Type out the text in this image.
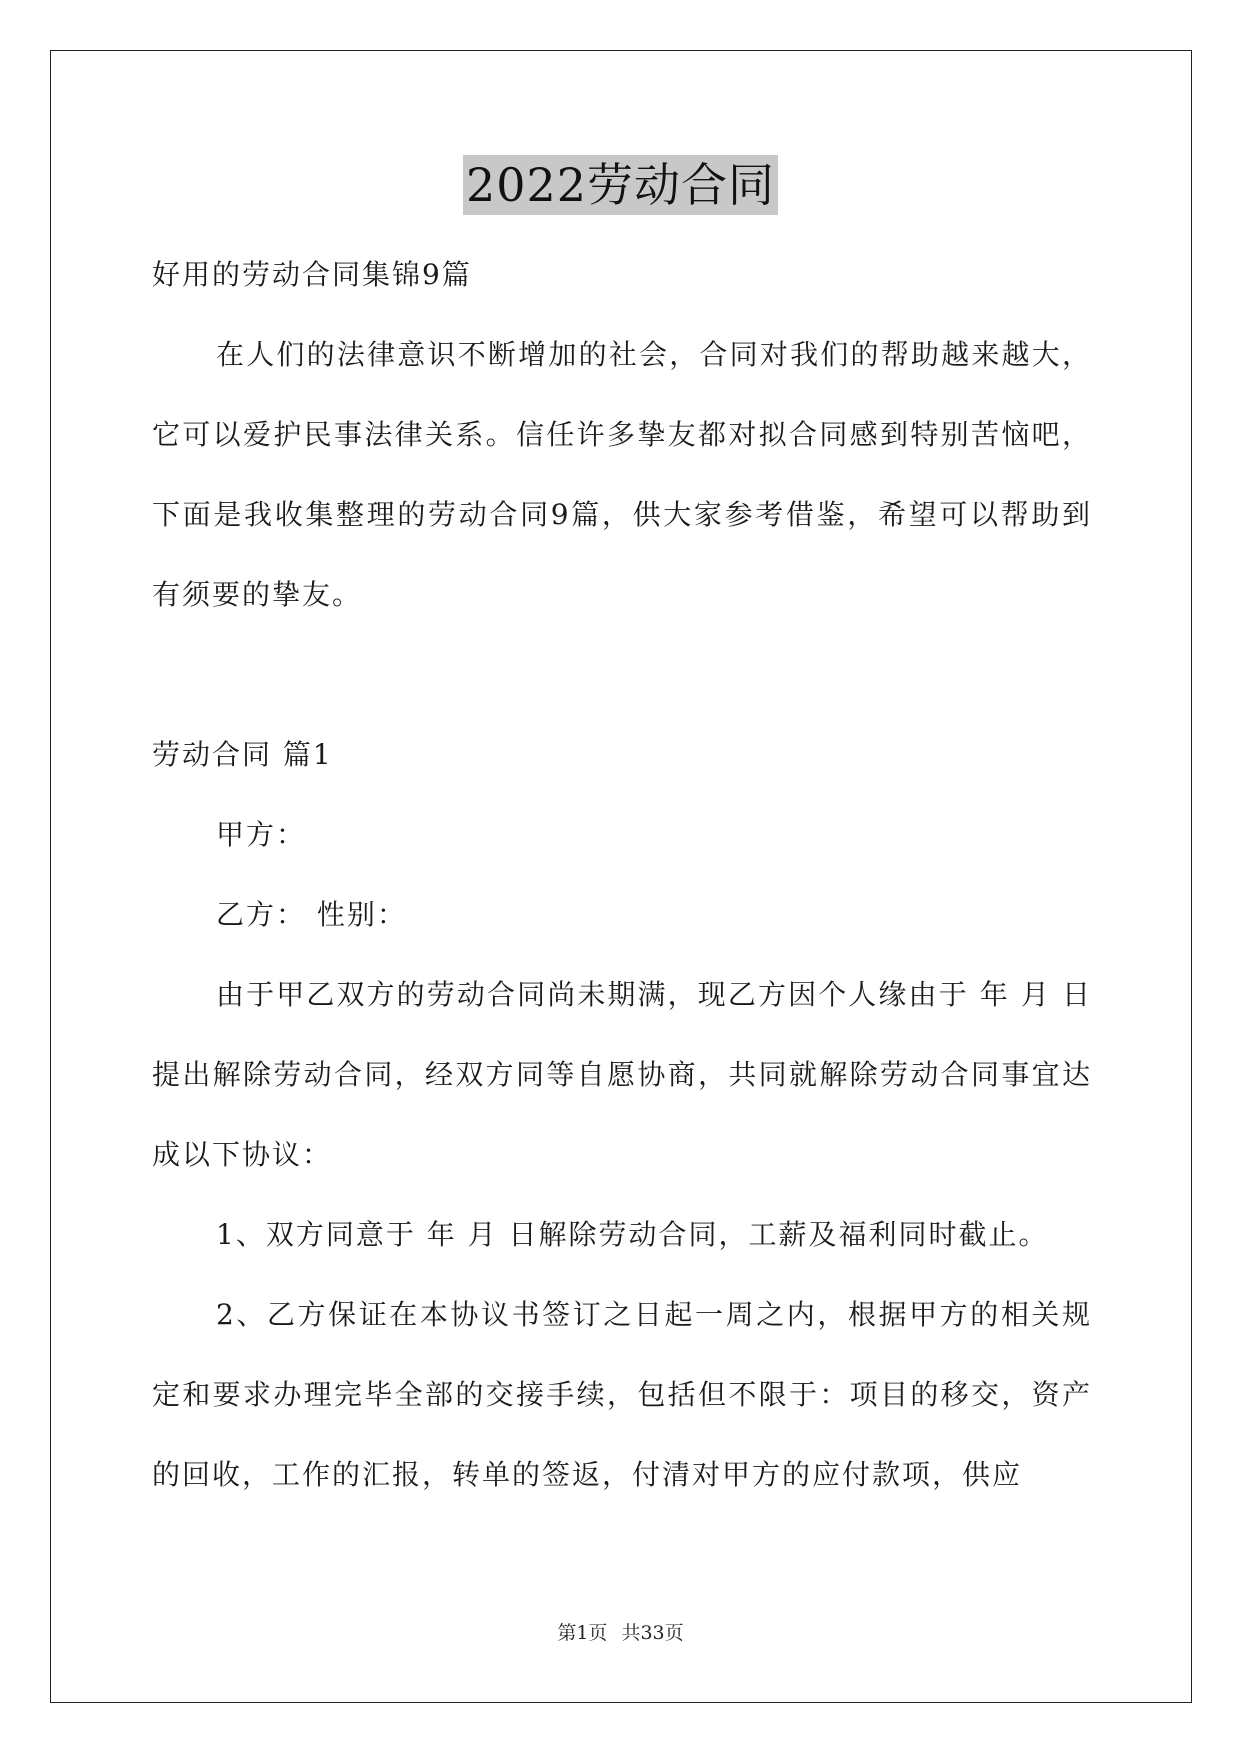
2022劳动合同

好用的劳动合同集锦9篇

在人们的法律意识不断增加的社会，合同对我们的帮助越来越大，它可以爱护民事法律关系。信任许多挚友都对拟合同感到特别苦恼吧，下面是我收集整理的劳动合同9篇，供大家参考借鉴，希望可以帮助到有须要的挚友。

劳动合同 篇1

甲方：

乙方： 性别：

由于甲乙双方的劳动合同尚未期满，现乙方因个人缘由于 年 月 日提出解除劳动合同，经双方同等自愿协商，共同就解除劳动合同事宜达成以下协议：

1、双方同意于 年 月 日解除劳动合同，工薪及福利同时截止。

2、乙方保证在本协议书签订之日起一周之内，根据甲方的相关规定和要求办理完毕全部的交接手续，包括但不限于：项目的移交，资产的回收，工作的汇报，转单的签返，付清对甲方的应付款项，供应

第1页 共33页
